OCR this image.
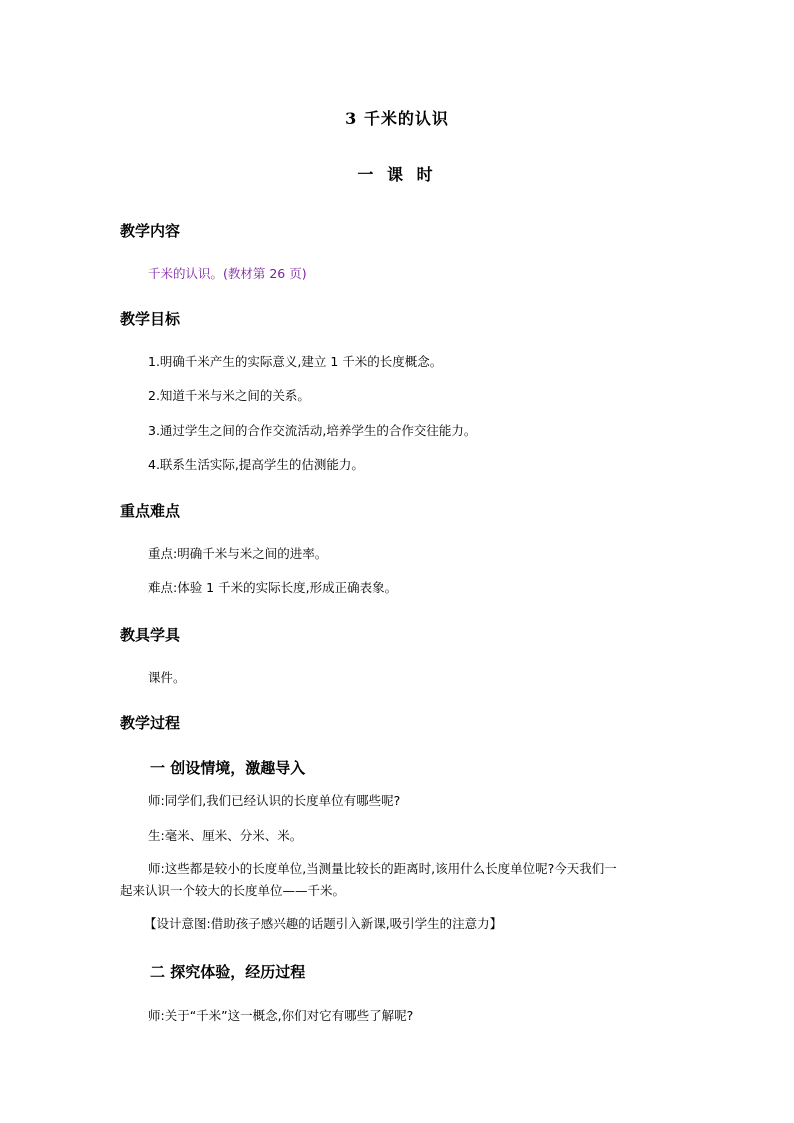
3 千米的认识
一 课 时
教学内容
千米的认识。(教材第 26 页)
教学目标
1.明确千米产生的实际意义,建立 1 千米的长度概念。
2.知道千米与米之间的关系。
3.通过学生之间的合作交流活动,培养学生的合作交往能力。
4.联系生活实际,提高学生的估测能力。
重点难点
重点:明确千米与米之间的进率。
难点:体验 1 千米的实际长度,形成正确表象。
教具学具
课件。
教学过程
一 创设情境，激趣导入
师:同学们,我们已经认识的长度单位有哪些呢?
生:毫米、厘米、分米、米。
师:这些都是较小的长度单位,当测量比较长的距离时,该用什么长度单位呢?今天我们一
起来认识一个较大的长度单位——千米。
【设计意图:借助孩子感兴趣的话题引入新课,吸引学生的注意力】
二 探究体验，经历过程
师:关于“千米”这一概念,你们对它有哪些了解呢?
